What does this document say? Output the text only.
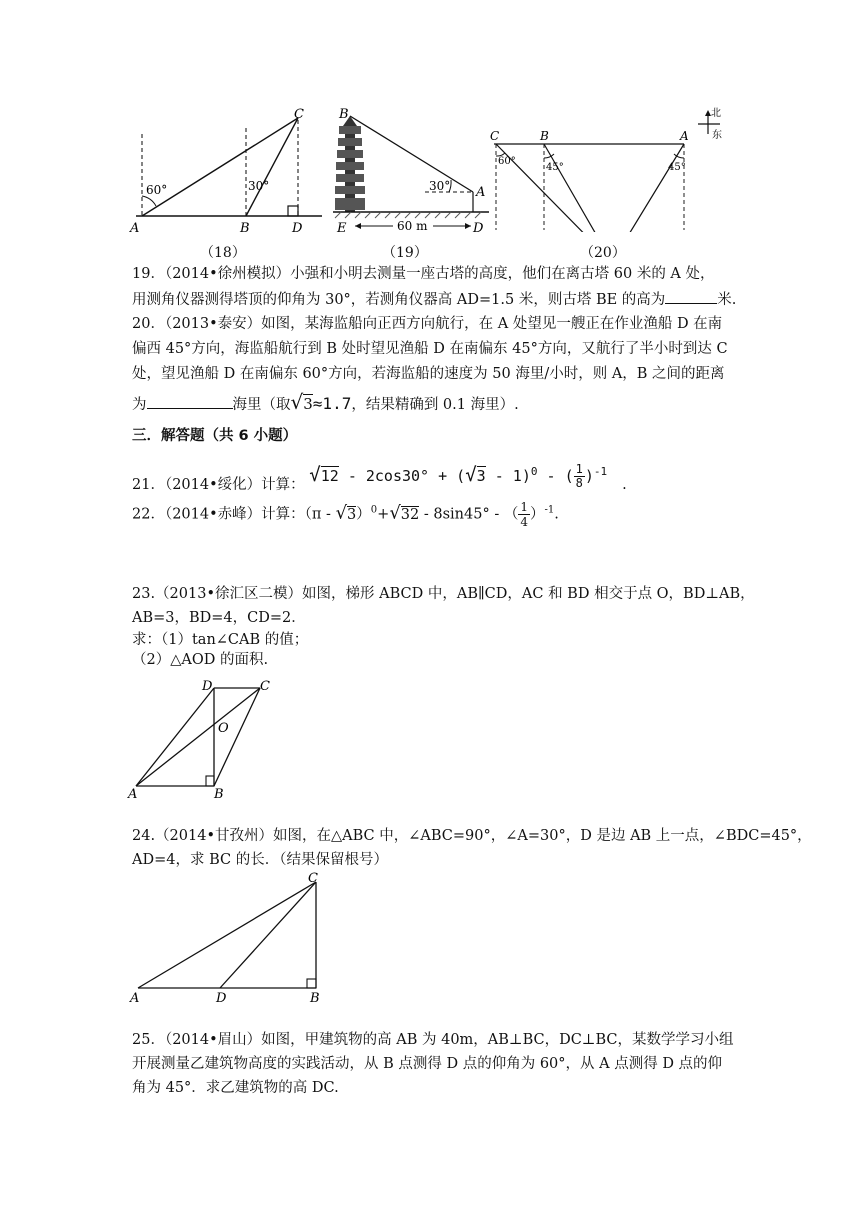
60°	30°
A	B
C
D
（18）
B
30° A
E	60 m	D
（19）
C	B	A
60°
45°	45°
北
东
（20）
19．（2014•徐州模拟）小强和小明去测量一座古塔的高度，他们在离古塔 60 米的 A 处，
用测角仪器测得塔顶的仰角为 30°，若测角仪器高 AD=1.5 米，则古塔 BE 的高为	米.
20．（2013•泰安）如图，某海监船向正西方向航行，在 A 处望见一艘正在作业渔船 D 在南
偏西 45°方向，海监船航行到 B 处时望见渔船 D 在南偏东 45°方向，又航行了半小时到达 C
处，望见渔船 D 在南偏东 60°方向，若海监船的速度为 50 海里/小时，则 A，B 之间的距离
为	海里（取√3≈1.7，结果精确到 0.1 海里）.
三．解答题（共 6 小题）
21．（2014•绥化）计算： √12 - 2cos30° + (√3 - 1)$^0$ - ( $\frac{1}{8} )^{-1}$ .
22．（2014•赤峰）计算：（π - √3）$^0$+√32 - 8sin45° - （ $\frac{1}{4} )^{-1}$.
23.（2013•徐汇区二模）如图，梯形 ABCD 中，AB∥CD，AC 和 BD 相交于点 O，BD⊥AB，
AB=3，BD=4，CD=2．
求：（1）tan∠CAB 的值；
（2）△AOD 的面积.
D	C
O
A	B
24.（2014•甘孜州）如图，在△ABC 中，∠ABC=90°，∠A=30°，D 是边 AB 上一点，∠BDC=45°，
AD=4，求 BC 的长．（结果保留根号）
C
A	D	B
25．（2014•眉山）如图，甲建筑物的高 AB 为 40m，AB⊥BC，DC⊥BC，某数学学习小组
开展测量乙建筑物高度的实践活动，从 B 点测得 D 点的仰角为 60°，从 A 点测得 D 点的仰
角为 45°．求乙建筑物的高 DC.
